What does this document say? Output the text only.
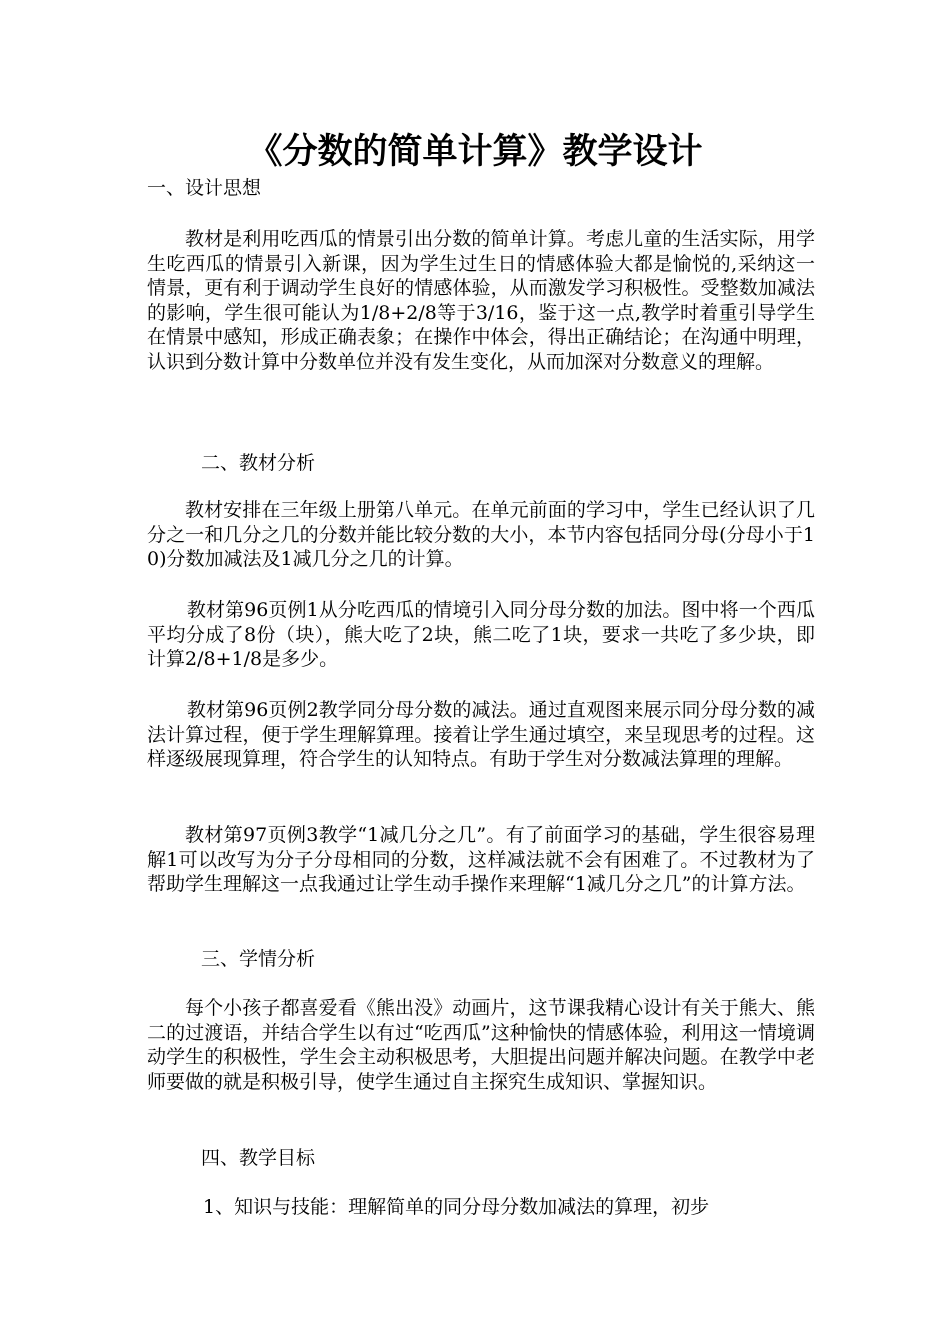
《分数的简单计算》教学设计
一、设计思想
教材是利用吃西瓜的情景引出分数的简单计算。考虑儿童的生活实际，用学生吃西瓜的情景引入新课，因为学生过生日的情感体验大都是愉悦的,采纳这一情景，更有利于调动学生良好的情感体验，从而激发学习积极性。受整数加减法的影响，学生很可能认为1/8+2/8等于3/16，鉴于这一点,教学时着重引导学生在情景中感知，形成正确表象；在操作中体会，得出正确结论；在沟通中明理，认识到分数计算中分数单位并没有发生变化，从而加深对分数意义的理解。
二、教材分析
教材安排在三年级上册第八单元。在单元前面的学习中，学生已经认识了几分之一和几分之几的分数并能比较分数的大小，本节内容包括同分母(分母小于10)分数加减法及1减几分之几的计算。
教材第96页例1从分吃西瓜的情境引入同分母分数的加法。图中将一个西瓜平均分成了8份（块），熊大吃了2块，熊二吃了1块，要求一共吃了多少块，即计算2/8+1/8是多少。
教材第96页例2教学同分母分数的减法。通过直观图来展示同分母分数的减法计算过程，便于学生理解算理。接着让学生通过填空，来呈现思考的过程。这样逐级展现算理，符合学生的认知特点。有助于学生对分数减法算理的理解。
教材第97页例3教学“1减几分之几”。有了前面学习的基础，学生很容易理解1可以改写为分子分母相同的分数，这样减法就不会有困难了。不过教材为了帮助学生理解这一点我通过让学生动手操作来理解“1减几分之几”的计算方法。
三、学情分析
每个小孩子都喜爱看《熊出没》动画片，这节课我精心设计有关于熊大、熊二的过渡语，并结合学生以有过“吃西瓜”这种愉快的情感体验，利用这一情境调动学生的积极性，学生会主动积极思考，大胆提出问题并解决问题。在教学中老师要做的就是积极引导，使学生通过自主探究生成知识、掌握知识。
四、教学目标
1、知识与技能：理解简单的同分母分数加减法的算理，初步
